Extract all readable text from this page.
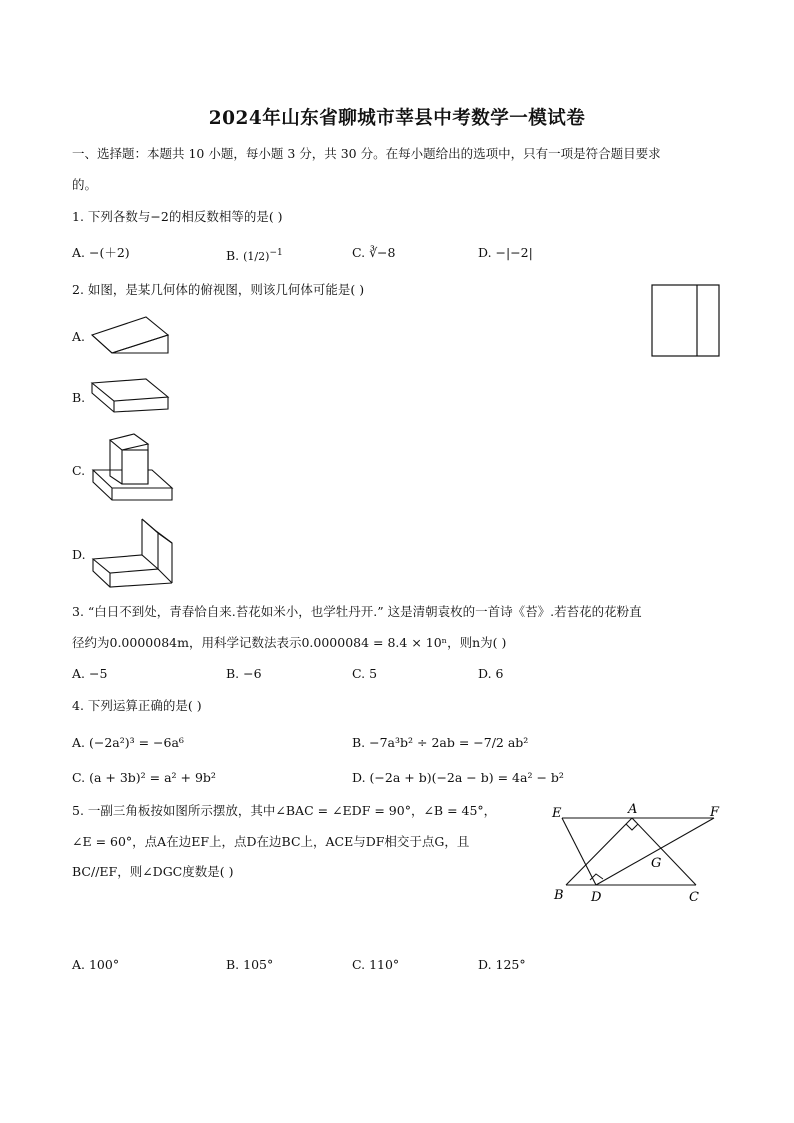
2024年山东省聊城市莘县中考数学一模试卷
一、选择题：本题共 10 小题，每小题 3 分，共 30 分。在每小题给出的选项中，只有一项是符合题目要求
的。
1. 下列各数与−2的相反数相等的是( )
A. −(＋2)	B. $(1/2)^{-1}$	C. ∛−8	D. −|−2|
2. 如图，是某几何体的俯视图，则该几何体可能是( )
A.
B.
C.
D.
3. “白日不到处，青春恰自来.苔花如米小，也学牡丹开.” 这是清朝袁枚的一首诗《苔》.若苔花的花粉直
径约为0.0000084m，用科学记数法表示0.0000084 = 8.4 × 10ⁿ，则n为( )
A. −5	B. −6	C. 5	D. 6
4. 下列运算正确的是( )
A. (−2a²)³ = −6a⁶	B. −7a³b² ÷ 2ab = −7/2 ab²
C. (a + 3b)² = a² + 9b²	D. (−2a + b)(−2a − b) = 4a² − b²
5. 一副三角板按如图所示摆放，其中∠BAC = ∠EDF = 90°，∠B = 45°，
∠E = 60°，点A在边EF上，点D在边BC上，ACE与DF相交于点G，且
BC//EF，则∠DGC度数是( )
E	A	F
G
B D	C
A. 100°	B. 105°	C. 110°	D. 125°
